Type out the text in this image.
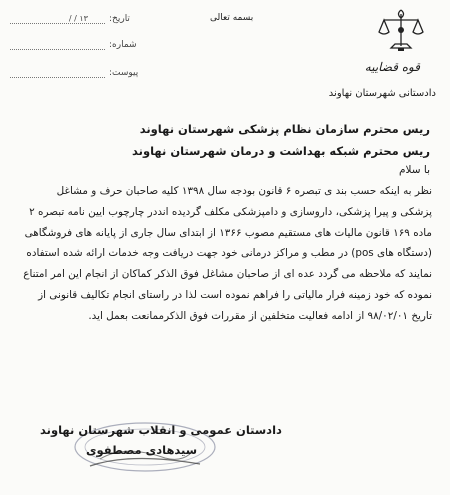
قوه قضاییه
دادستانی شهرستان نهاوند
بسمه تعالی
تاریخ:
۱۳ / /
شماره:
پیوست:
ریس محترم سازمان نظام پزشکی شهرستان نهاوند
ریس محترم شبکه بهداشت و درمان شهرستان نهاوند
با سلام
نظر به اینکه حسب بند ی تبصره ۶ قانون بودجه سال ۱۳۹۸ کلیه صاحبان حرف و مشاغل
پزشکی و پیرا پزشکی، داروسازی و دامپزشکی مکلف گردیده انددر چارچوب ایین نامه تبصره ۲
ماده ۱۶۹ قانون مالیات های مستقیم مصوب ۱۳۶۶ از ابتدای سال جاری از پایانه های فروشگاهی
(دستگاه های pos) در مطب و مراکز درمانی خود جهت دریافت وجه خدمات ارائه شده استفاده
نمایند که ملاحظه می گردد عده ای از صاحبان مشاغل فوق الذکر کماکان از انجام این امر امتناع
نموده که خود زمینه فرار مالیاتی را فراهم نموده است لذا در راستای انجام تکالیف قانونی از
تاریخ ۹۸/۰۲/۰۱ از ادامه فعالیت متخلفین از مقررات فوق الذکرممانعت بعمل اید.
دادستان عمومی و انقلاب شهرستان نهاوند
سیدهادی مصطفوی
